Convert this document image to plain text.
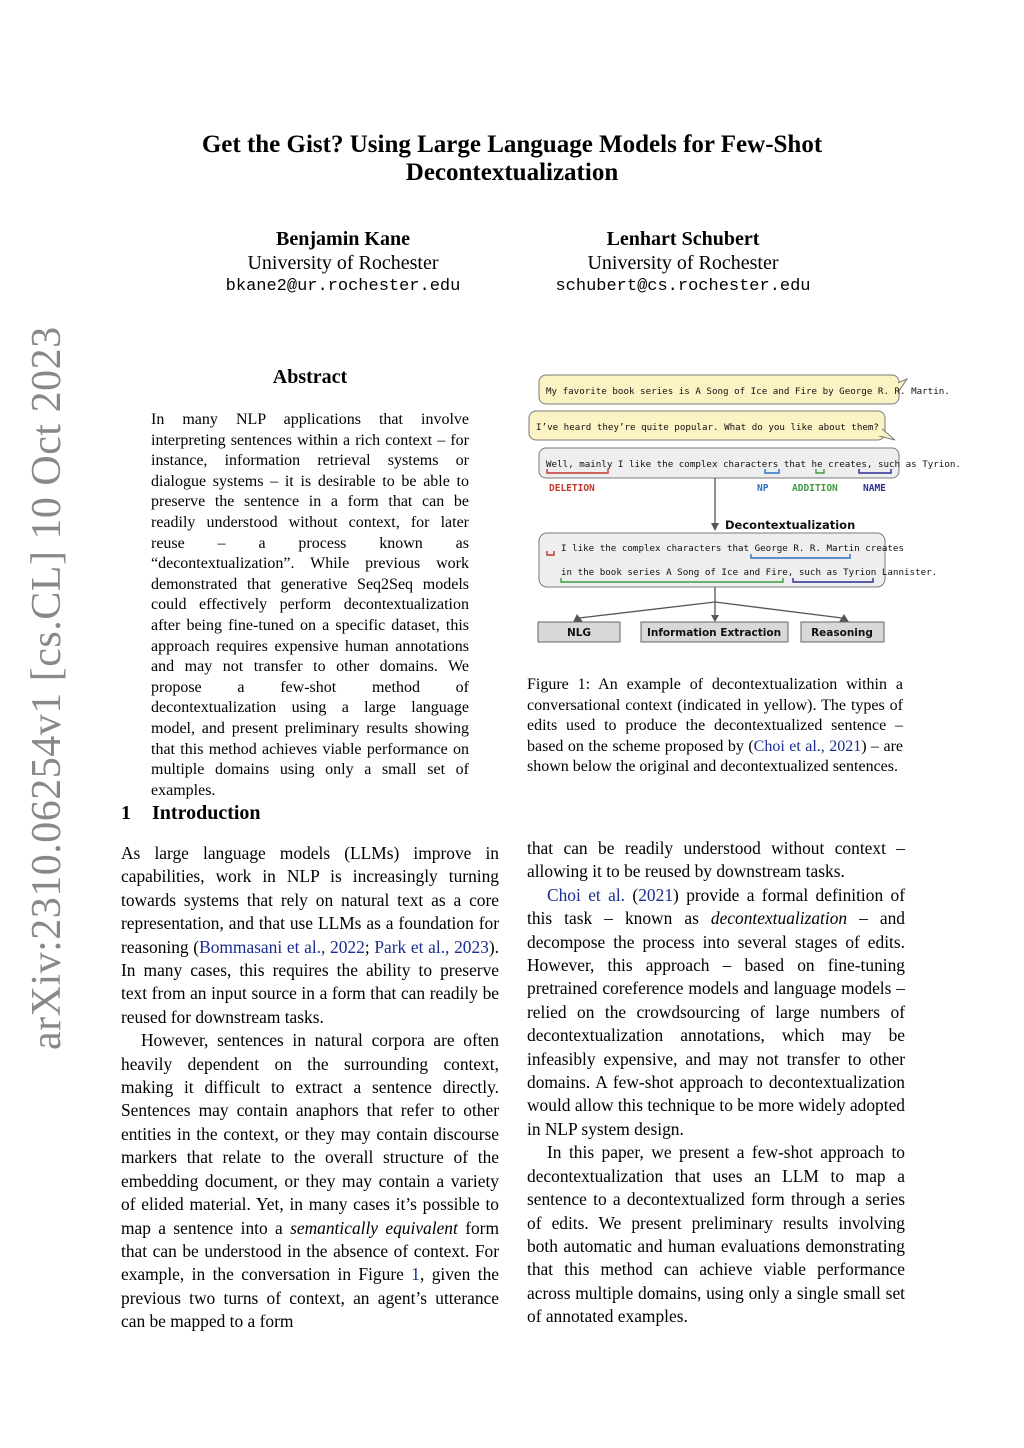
arXiv:2310.06254v1 [cs.CL] 10 Oct 2023
Get the Gist? Using Large Language Models for Few-Shot
Decontextualization
Benjamin Kane
University of Rochester
bkane2@ur.rochester.edu
Lenhart Schubert
University of Rochester
schubert@cs.rochester.edu
Abstract
In many NLP applications that involve interpreting sentences within a rich context – for instance, information retrieval systems or dialogue systems – it is desirable to be able to preserve the sentence in a form that can be readily understood without context, for later reuse – a process known as “decontextualization”. While previous work demonstrated that generative Seq2Seq models could effectively perform decontextualization after being fine-tuned on a specific dataset, this approach requires expensive human annotations and may not transfer to other domains. We propose a few-shot method of decontextualization using a large language model, and present preliminary results showing that this method achieves viable performance on multiple domains using only a small set of examples.
My favorite book series is A Song of Ice and Fire by George R. R. Martin.
I’ve heard they’re quite popular. What do you like about them?
Well, mainly I like the complex characters that he creates, such as Tyrion.
DELETION	NP ADDITION	NAME
Decontextualization
I like the complex characters that George R. R. Martin creates
in the book series A Song of Ice and Fire, such as Tyrion Lannister.
NLG	Information Extraction	Reasoning
Figure 1: An example of decontextualization within a conversational context (indicated in yellow). The types of edits used to produce the decontextualized sentence – based on the scheme proposed by (Choi et al., 2021) – are shown below the original and decontextualized sentences.
1 Introduction

As large language models (LLMs) improve in capabilities, work in NLP is increasingly turning towards systems that rely on natural text as a core representation, and that use LLMs as a foundation for reasoning (Bommasani et al., 2022; Park et al., 2023). In many cases, this requires the ability to preserve text from an input source in a form that can readily be reused for downstream tasks.

However, sentences in natural corpora are often heavily dependent on the surrounding context, making it difficult to extract a sentence directly. Sentences may contain anaphors that refer to other entities in the context, or they may contain discourse markers that relate to the overall structure of the embedding document, or they may contain a variety of elided material. Yet, in many cases it’s possible to map a sentence into a semantically equivalent form that can be understood in the absence of context. For example, in the conversation in Figure 1, given the previous two turns of context, an agent’s utterance can be mapped to a form

that can be readily understood without context – allowing it to be reused by downstream tasks.

Choi et al. (2021) provide a formal definition of this task – known as decontextualization – and decompose the process into several stages of edits. However, this approach – based on fine-tuning pretrained coreference models and language models – relied on the crowdsourcing of large numbers of decontextualization annotations, which may be infeasibly expensive, and may not transfer to other domains. A few-shot approach to decontextualization would allow this technique to be more widely adopted in NLP system design.

In this paper, we present a few-shot approach to decontextualization that uses an LLM to map a sentence to a decontextualized form through a series of edits. We present preliminary results involving both automatic and human evaluations demonstrating that this method can achieve viable performance across multiple domains, using only a single small set of annotated examples.
